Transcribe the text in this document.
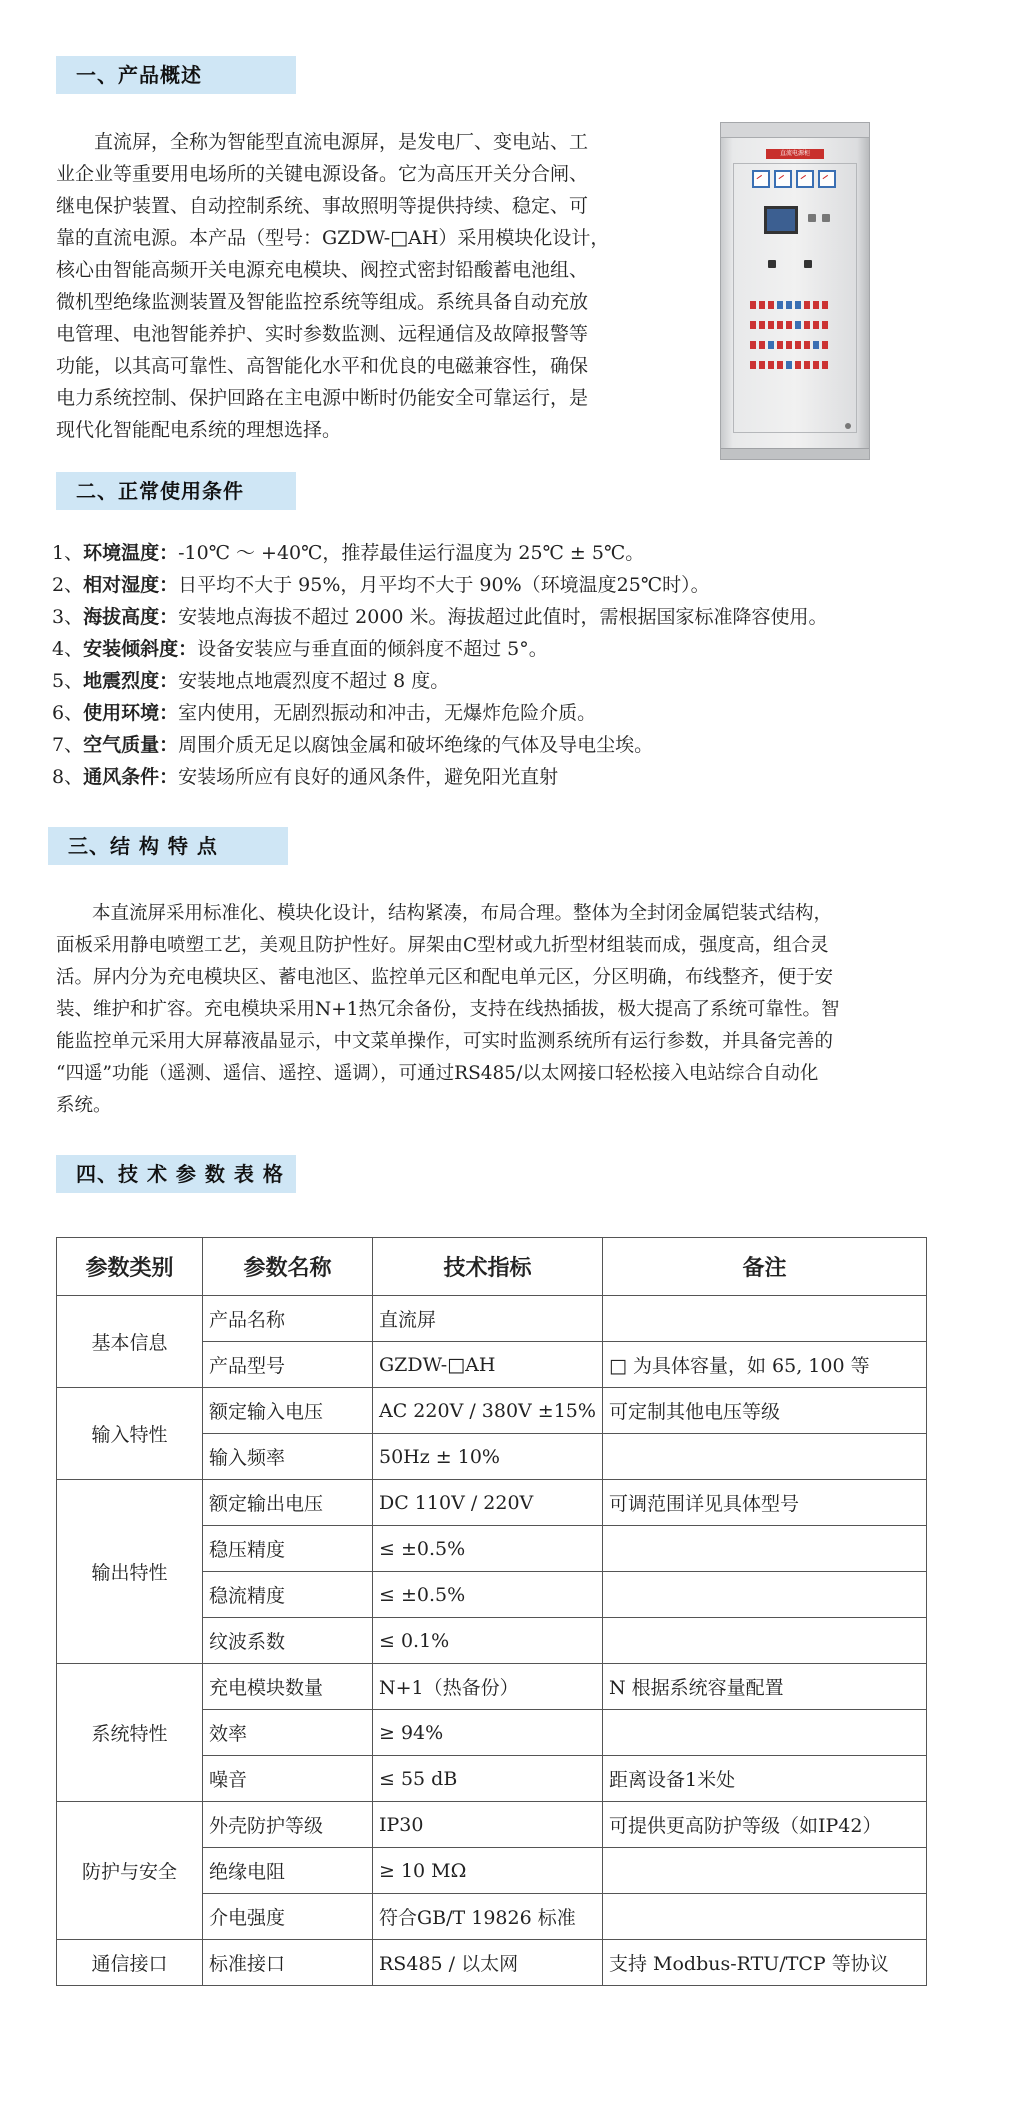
一、产品概述
直流屏，全称为智能型直流电源屏，是发电厂、变电站、工
业企业等重要用电场所的关键电源设备。它为高压开关分合闸、
继电保护装置、自动控制系统、事故照明等提供持续、稳定、可
靠的直流电源。本产品（型号：GZDW-□AH）采用模块化设计，
核心由智能高频开关电源充电模块、阀控式密封铅酸蓄电池组、
微机型绝缘监测装置及智能监控系统等组成。系统具备自动充放
电管理、电池智能养护、实时参数监测、远程通信及故障报警等
功能，以其高可靠性、高智能化水平和优良的电磁兼容性，确保
电力系统控制、保护回路在主电源中断时仍能安全可靠运行，是
现代化智能配电系统的理想选择。
直流电源柜
二、正常使用条件
1、环境温度：-10℃ ～ +40℃，推荐最佳运行温度为 25℃ ± 5℃。
2、相对湿度：日平均不大于 95%，月平均不大于 90%（环境温度25℃时）。
3、海拔高度：安装地点海拔不超过 2000 米。海拔超过此值时，需根据国家标准降容使用。
4、安装倾斜度：设备安装应与垂直面的倾斜度不超过 5°。
5、地震烈度：安装地点地震烈度不超过 8 度。
6、使用环境：室内使用，无剧烈振动和冲击，无爆炸危险介质。
7、空气质量：周围介质无足以腐蚀金属和破坏绝缘的气体及导电尘埃。
8、通风条件：安装场所应有良好的通风条件，避免阳光直射
三、结 构 特 点
本直流屏采用标准化、模块化设计，结构紧凑，布局合理。整体为全封闭金属铠装式结构，
面板采用静电喷塑工艺，美观且防护性好。屏架由C型材或九折型材组装而成，强度高，组合灵
活。屏内分为充电模块区、蓄电池区、监控单元区和配电单元区，分区明确，布线整齐，便于安
装、维护和扩容。充电模块采用N+1热冗余备份，支持在线热插拔，极大提高了系统可靠性。智
能监控单元采用大屏幕液晶显示，中文菜单操作，可实时监测系统所有运行参数，并具备完善的
“四遥”功能（遥测、遥信、遥控、遥调），可通过RS485/以太网接口轻松接入电站综合自动化
系统。
四、技 术 参 数 表 格
参数类别	参数名称	技术指标	备注
基本信息	产品名称	直流屏	
	产品型号	GZDW-□AH	□ 为具体容量，如 65, 100 等
输入特性	额定输入电压	AC 220V / 380V ±15%	可定制其他电压等级
	输入频率	50Hz ± 10%	
输出特性	额定输出电压	DC 110V / 220V	可调范围详见具体型号
	稳压精度	≤ ±0.5%	
	稳流精度	≤ ±0.5%	
	纹波系数	≤ 0.1%	
系统特性	充电模块数量	N+1（热备份）	N 根据系统容量配置
	效率	≥ 94%	
	噪音	≤ 55 dB	距离设备1米处
防护与安全	外壳防护等级	IP30	可提供更高防护等级（如IP42）
	绝缘电阻	≥ 10 MΩ	
	介电强度	符合GB/T 19826 标准	
通信接口	标准接口	RS485 / 以太网	支持 Modbus-RTU/TCP 等协议
